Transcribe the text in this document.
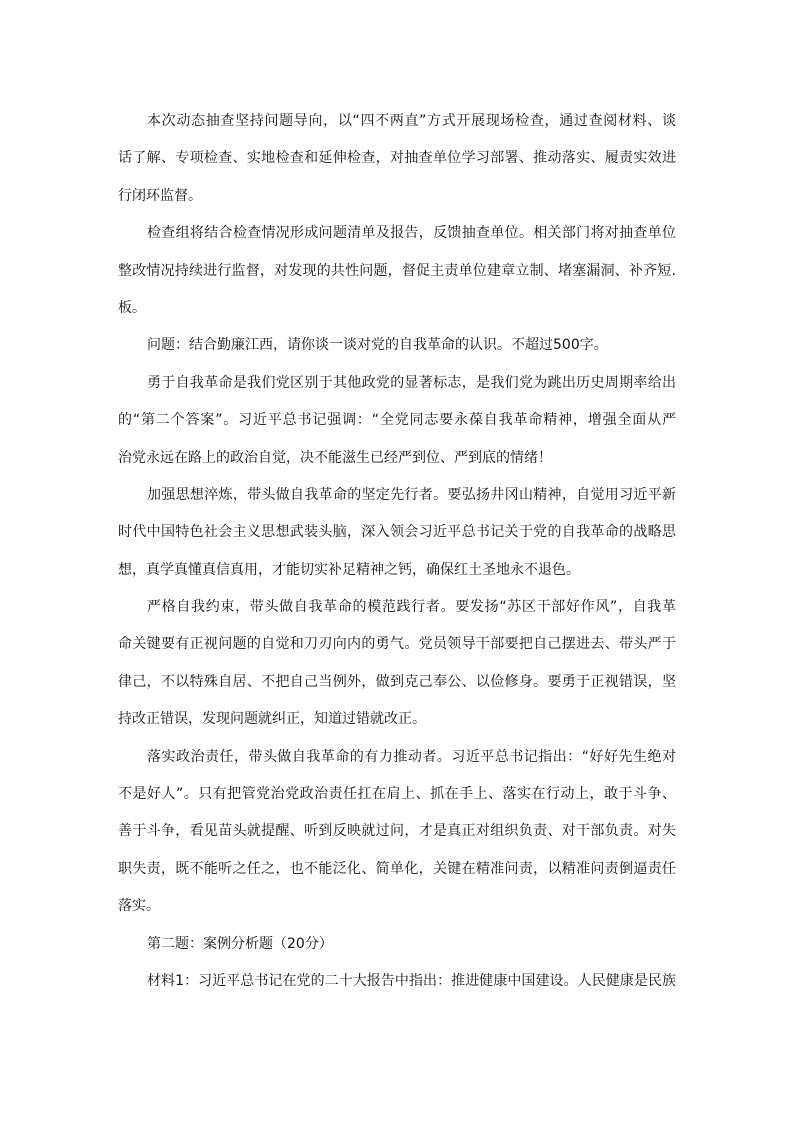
本次动态抽查坚持问题导向，以“四不两直”方式开展现场检查，通过查阅材料、谈
话了解、专项检查、实地检查和延伸检查，对抽查单位学习部署、推动落实、履责实效进
行闭环监督。
检查组将结合检查情况形成问题清单及报告，反馈抽查单位。相关部门将对抽查单位
整改情况持续进行监督，对发现的共性问题，督促主责单位建章立制、堵塞漏洞、补齐短.
板。
问题：结合勤廉江西，请你谈一谈对党的自我革命的认识。不超过500字。
勇于自我革命是我们党区别于其他政党的显著标志，是我们党为跳出历史周期率给出
的“第二个答案”。习近平总书记强调：“全党同志要永葆自我革命精神，增强全面从严
治党永远在路上的政治自觉，决不能滋生已经严到位、严到底的情绪！
加强思想淬炼，带头做自我革命的坚定先行者。要弘扬井冈山精神，自觉用习近平新
时代中国特色社会主义思想武装头脑，深入领会习近平总书记关于党的自我革命的战略思
想，真学真懂真信真用，才能切实补足精神之钙，确保红土圣地永不退色。
严格自我约束，带头做自我革命的模范践行者。要发扬“苏区干部好作风”，自我革
命关键要有正视问题的自觉和刀刃向内的勇气。党员领导干部要把自己摆进去、带头严于
律己，不以特殊自居、不把自己当例外，做到克己奉公、以俭修身。要勇于正视错误，坚
持改正错误，发现问题就纠正，知道过错就改正。
落实政治责任，带头做自我革命的有力推动者。习近平总书记指出：“好好先生绝对
不是好人”。只有把管党治党政治责任扛在肩上、抓在手上、落实在行动上，敢于斗争、
善于斗争，看见苗头就提醒、听到反映就过问，才是真正对组织负责、对干部负责。对失
职失责，既不能听之任之，也不能泛化、简单化，关键在精准问责，以精准问责倒逼责任
落实。
第二题：案例分析题（20分）
材料1：习近平总书记在党的二十大报告中指出：推进健康中国建设。人民健康是民族
